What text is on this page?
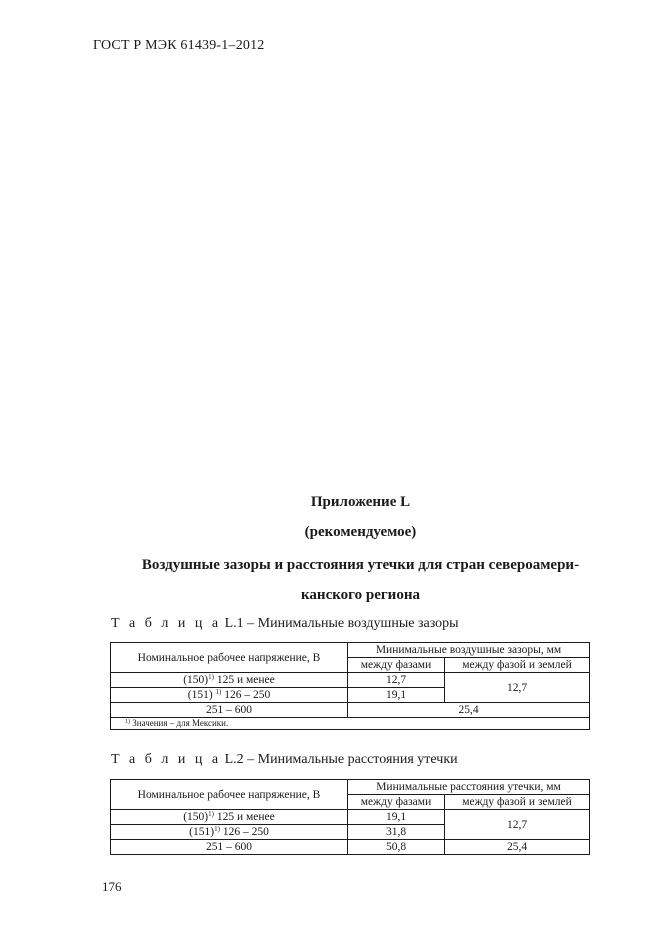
ГОСТ Р МЭК 61439-1–2012
Приложение L
(рекомендуемое)
Воздушные зазоры и расстояния утечки для стран североамери-
канского региона
Т а б л и ц а L.1 – Минимальные воздушные зазоры
Номинальное рабочее напряжение, В	Минимальные воздушные зазоры, мм	
	между фазами	между фазой и землей
$(150)^{1)}$ 125 и менее	12,7	12,7
(151) $^{1)}$ 126 – 250	19,1	
251 – 600	25,4	
$^{1)}$ Значения – для Мексики.		
Т а б л и ц а L.2 – Минимальные расстояния утечки
Номинальное рабочее напряжение, В	Минимальные расстояния утечки, мм	
	между фазами	между фазой и землей
$(150)^{1)}$ 125 и менее	19,1	12,7
$(151)^{1)}$ 126 – 250	31,8	
251 – 600	50,8	25,4
176
